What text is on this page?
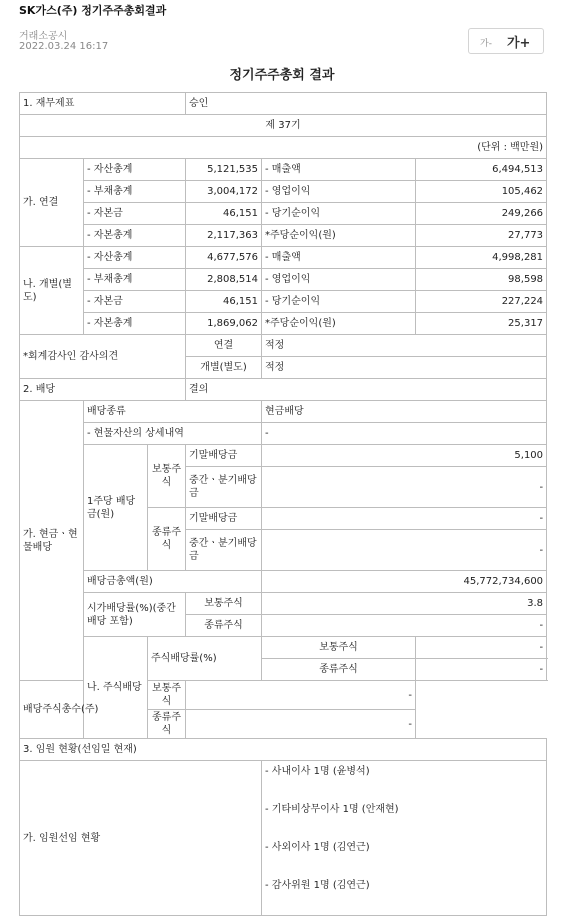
SK가스(주) 정기주주총회결과
거래소공시
2022.03.24 16:17	가- 가+
정기주주총회 결과
1. 재무제표			승인		
제 37기					
(단위 : 백만원)					
가. 연결	- 자산총계		5,121,535	- 매출액	6,494,513
	- 부채총계		3,004,172	- 영업이익	105,462
	- 자본금		46,151	- 당기순이익	249,266
	- 자본총계		2,117,363	*주당순이익(원)	27,773
나. 개별(별도)	- 자산총계		4,677,576	- 매출액	4,998,281
	- 부채총계		2,808,514	- 영업이익	98,598
	- 자본금		46,151	- 당기순이익	227,224
	- 자본총계		1,869,062	*주당순이익(원)	25,317
*회계감사인 감사의견			연결	적정	
			개별(별도)	적정	
2. 배당			결의		
가. 현금ㆍ현물배당	배당종류			현금배당	
	- 현물자산의 상세내역			-	
	1주당 배당금(원)	보통주식	기말배당금	5,100	
			중간ㆍ분기배당금	-	
		종류주식	기말배당금	-	
			중간ㆍ분기배당금	-	
	배당금총액(원)			45,772,734,600	
	시가배당률(%)(중간배당 포함)		보통주식	3.8	
			종류주식	-	
	나. 주식배당	주식배당률(%)		보통주식	-
				종류주식	-
배당주식총수(주)		보통주식	-		
		종류주식	-		
3. 임원 현황(선임일 현재)					
가. 임원선임 현황				- 사내이사 1명 (윤병석)
- 기타비상무이사 1명 (안재현)
- 사외이사 1명 (김연근)
- 감사위원 1명 (김연근)	
